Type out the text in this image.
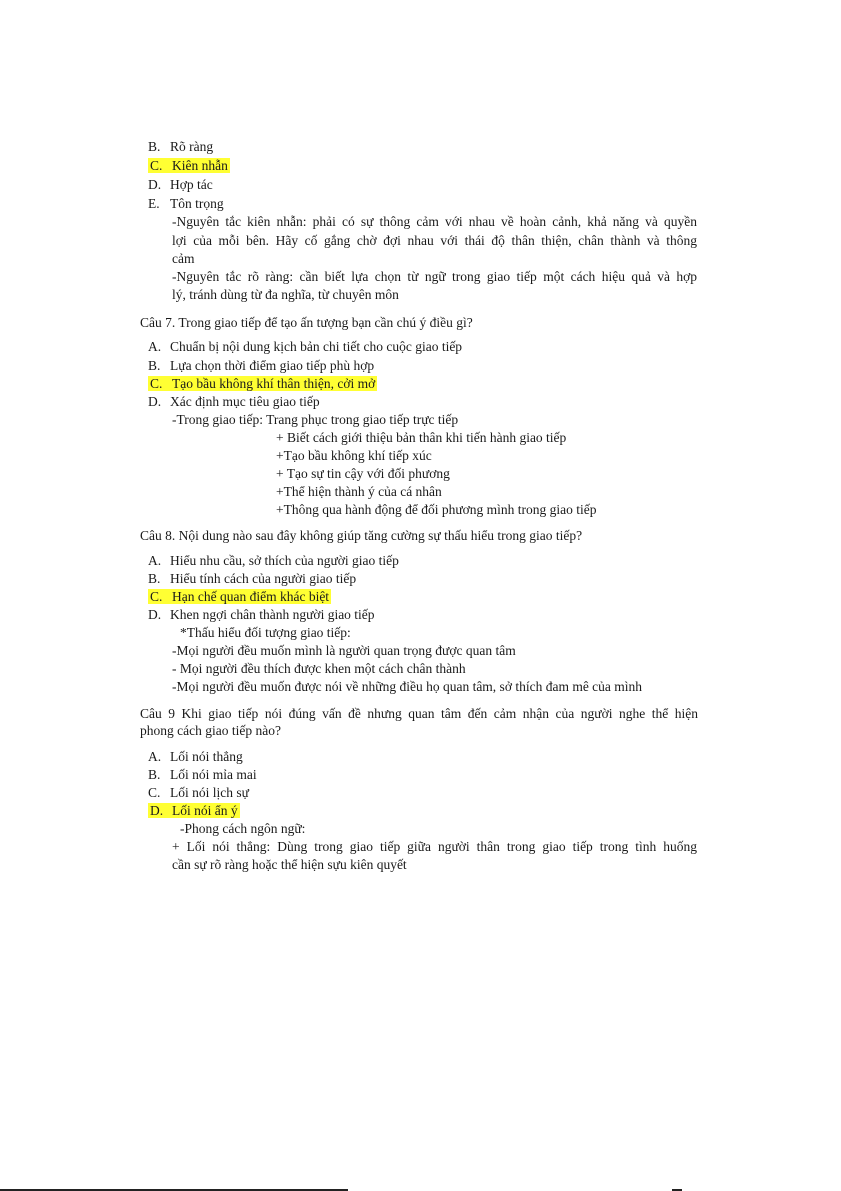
B. Rõ ràng
C. Kiên nhẫn
D. Hợp tác
E. Tôn trọng
-Nguyên tắc kiên nhẫn: phải có sự thông cảm với nhau về hoàn cảnh, khả năng và quyền
lợi của mỗi bên. Hãy cố gắng chờ đợi nhau với thái độ thân thiện, chân thành và thông
cảm
-Nguyên tắc rõ ràng: cần biết lựa chọn từ ngữ trong giao tiếp một cách hiệu quả và hợp
lý, tránh dùng từ đa nghĩa, từ chuyên môn
Câu 7. Trong giao tiếp để tạo ấn tượng bạn cần chú ý điều gì?
A. Chuẩn bị nội dung kịch bản chi tiết cho cuộc giao tiếp
B. Lựa chọn thời điểm giao tiếp phù hợp
C. Tạo bầu không khí thân thiện, cởi mở
D. Xác định mục tiêu giao tiếp
-Trong giao tiếp: Trang phục trong giao tiếp trực tiếp
+ Biết cách giới thiệu bản thân khi tiến hành giao tiếp
+Tạo bầu không khí tiếp xúc
+ Tạo sự tin cậy với đối phương
+Thể hiện thành ý của cá nhân
+Thông qua hành động để đối phương mình trong giao tiếp
Câu 8. Nội dung nào sau đây không giúp tăng cường sự thấu hiểu trong giao tiếp?
A. Hiểu nhu cầu, sở thích của người giao tiếp
B. Hiểu tính cách của người giao tiếp
C. Hạn chế quan điểm khác biệt
D. Khen ngợi chân thành người giao tiếp
*Thấu hiểu đối tượng giao tiếp:
-Mọi người đều muốn mình là người quan trọng được quan tâm
- Mọi người đều thích được khen một cách chân thành
-Mọi người đều muốn được nói về những điều họ quan tâm, sở thích đam mê của mình
Câu 9 Khi giao tiếp nói đúng vấn đề nhưng quan tâm đến cảm nhận của người nghe thể hiện
phong cách giao tiếp nào?
A. Lối nói thẳng
B. Lối nói mỉa mai
C. Lối nói lịch sự
D. Lối nói ẩn ý
-Phong cách ngôn ngữ:
+ Lối nói thẳng: Dùng trong giao tiếp giữa người thân trong giao tiếp trong tình huống
cần sự rõ ràng hoặc thể hiện sựu kiên quyết
